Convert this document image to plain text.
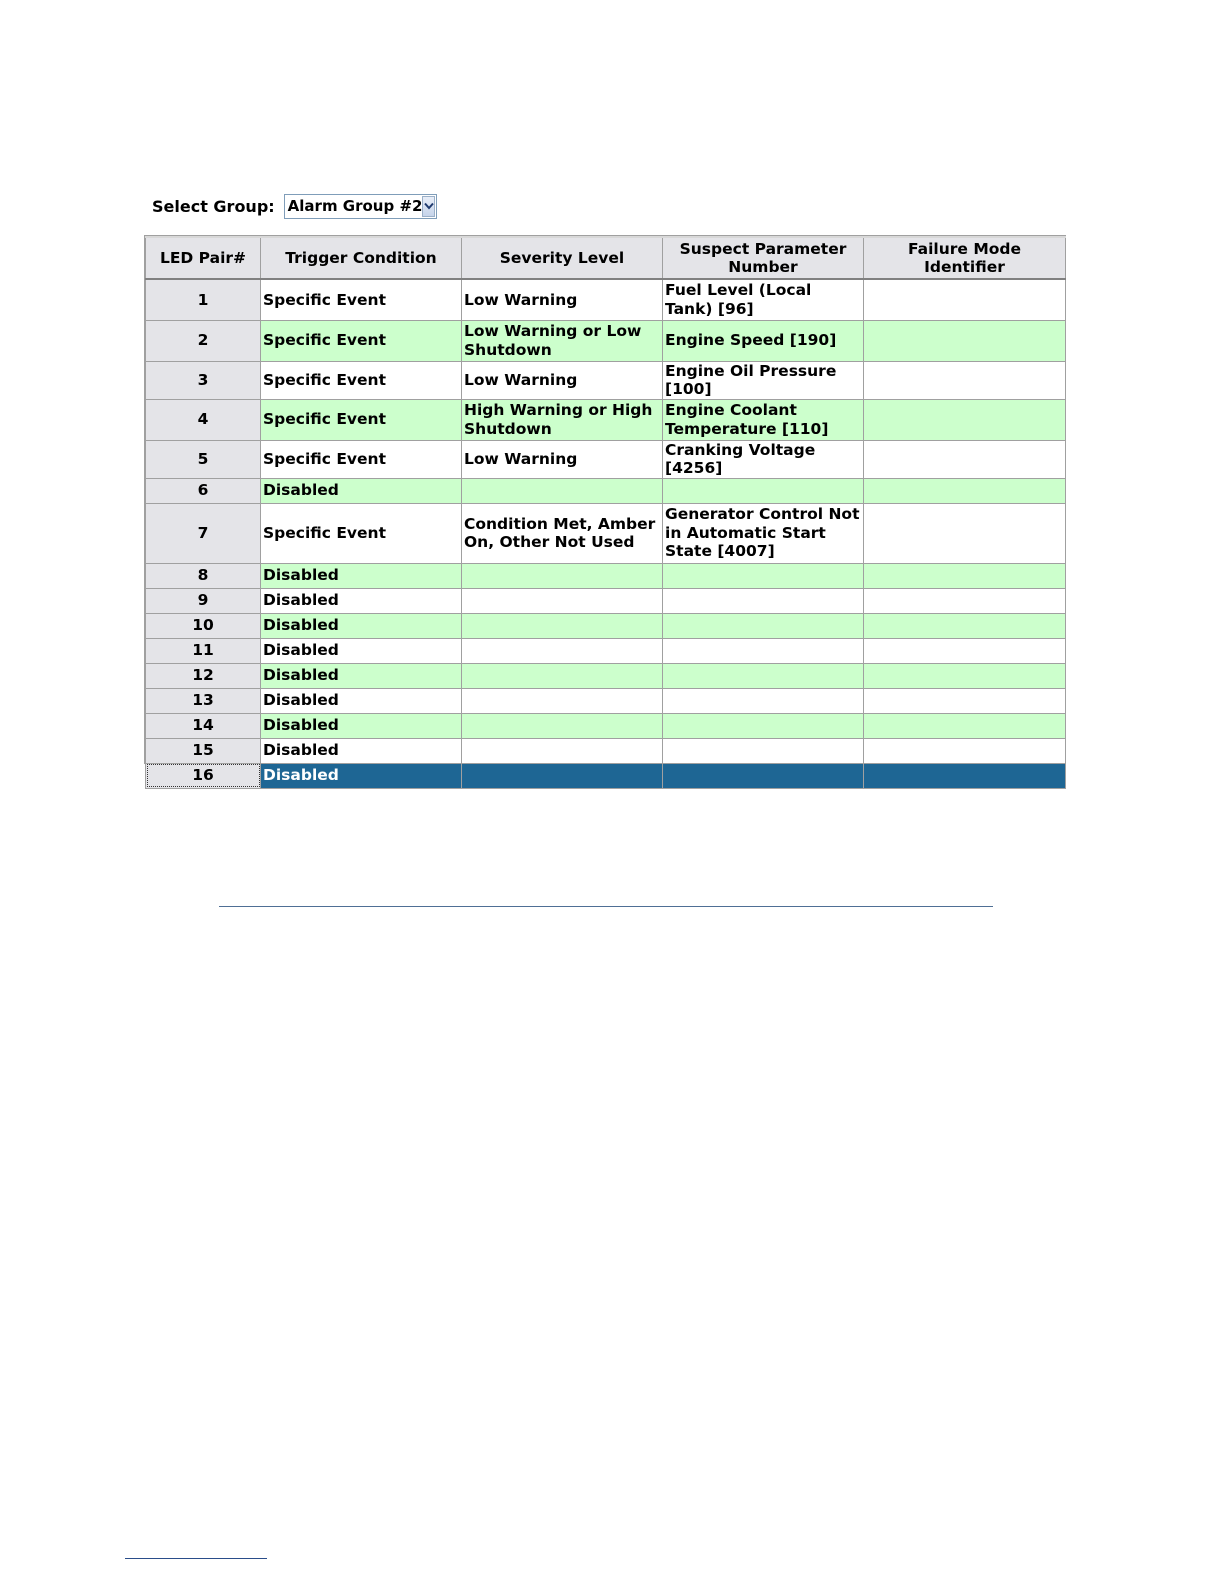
Select Group: Alarm Group #2
LED Pair#	Trigger Condition	Severity Level	Suspect Parameter Number	Failure Mode Identifier
1	Specific Event	Low Warning	Fuel Level (Local Tank) [96]	
2	Specific Event	Low Warning or Low Shutdown	Engine Speed [190]	
3	Specific Event	Low Warning	Engine Oil Pressure [100]	
4	Specific Event	High Warning or High Shutdown	Engine Coolant Temperature [110]	
5	Specific Event	Low Warning	Cranking Voltage [4256]	
6	Disabled			
7	Specific Event	Condition Met, Amber On, Other Not Used	Generator Control Not in Automatic Start State [4007]	
8	Disabled			
9	Disabled			
10	Disabled			
11	Disabled			
12	Disabled			
13	Disabled			
14	Disabled			
15	Disabled			
16	Disabled			
